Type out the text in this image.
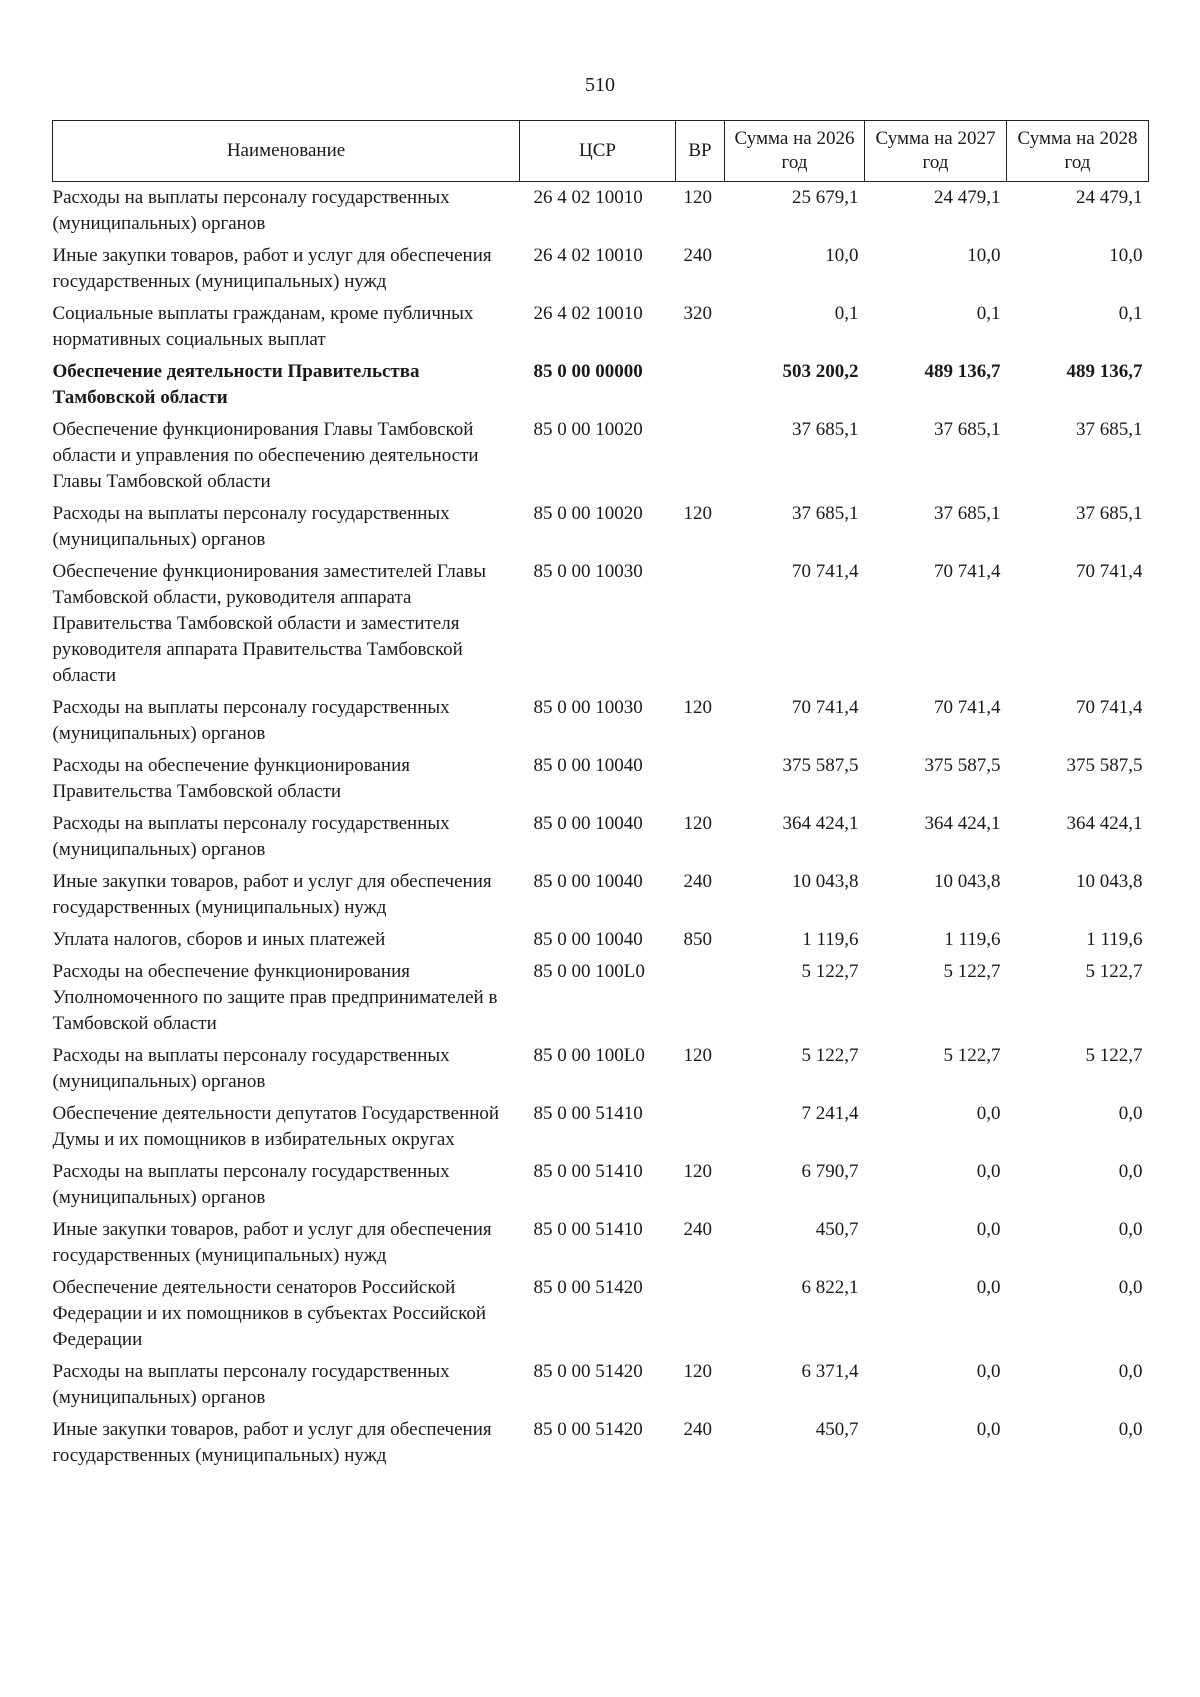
510
Наименование	ЦСР	ВР	Сумма на 2026 год	Сумма на 2027 год	Сумма на 2028 год
Расходы на выплаты персоналу государственных (муниципальных) органов	26 4 02 10010	120	25 679,1	24 479,1	24 479,1
Иные закупки товаров, работ и услуг для обеспечения государственных (муниципальных) нужд	26 4 02 10010	240	10,0	10,0	10,0
Социальные выплаты гражданам, кроме публичных нормативных социальных выплат	26 4 02 10010	320	0,1	0,1	0,1
Обеспечение деятельности Правительства Тамбовской области	85 0 00 00000		503 200,2	489 136,7	489 136,7
Обеспечение функционирования Главы Тамбовской области и управления по обеспечению деятельности Главы Тамбовской области	85 0 00 10020		37 685,1	37 685,1	37 685,1
Расходы на выплаты персоналу государственных (муниципальных) органов	85 0 00 10020	120	37 685,1	37 685,1	37 685,1
Обеспечение функционирования заместителей Главы Тамбовской области, руководителя аппарата Правительства Тамбовской области и заместителя руководителя аппарата Правительства Тамбовской области	85 0 00 10030		70 741,4	70 741,4	70 741,4
Расходы на выплаты персоналу государственных (муниципальных) органов	85 0 00 10030	120	70 741,4	70 741,4	70 741,4
Расходы на обеспечение функционирования Правительства Тамбовской области	85 0 00 10040		375 587,5	375 587,5	375 587,5
Расходы на выплаты персоналу государственных (муниципальных) органов	85 0 00 10040	120	364 424,1	364 424,1	364 424,1
Иные закупки товаров, работ и услуг для обеспечения государственных (муниципальных) нужд	85 0 00 10040	240	10 043,8	10 043,8	10 043,8
Уплата налогов, сборов и иных платежей	85 0 00 10040	850	1 119,6	1 119,6	1 119,6
Расходы на обеспечение функционирования Уполномоченного по защите прав предпринимателей в Тамбовской области	85 0 00 100L0		5 122,7	5 122,7	5 122,7
Расходы на выплаты персоналу государственных (муниципальных) органов	85 0 00 100L0	120	5 122,7	5 122,7	5 122,7
Обеспечение деятельности депутатов Государственной Думы и их помощников в избирательных округах	85 0 00 51410		7 241,4	0,0	0,0
Расходы на выплаты персоналу государственных (муниципальных) органов	85 0 00 51410	120	6 790,7	0,0	0,0
Иные закупки товаров, работ и услуг для обеспечения государственных (муниципальных) нужд	85 0 00 51410	240	450,7	0,0	0,0
Обеспечение деятельности сенаторов Российской Федерации и их помощников в субъектах Российской Федерации	85 0 00 51420		6 822,1	0,0	0,0
Расходы на выплаты персоналу государственных (муниципальных) органов	85 0 00 51420	120	6 371,4	0,0	0,0
Иные закупки товаров, работ и услуг для обеспечения государственных (муниципальных) нужд	85 0 00 51420	240	450,7	0,0	0,0
